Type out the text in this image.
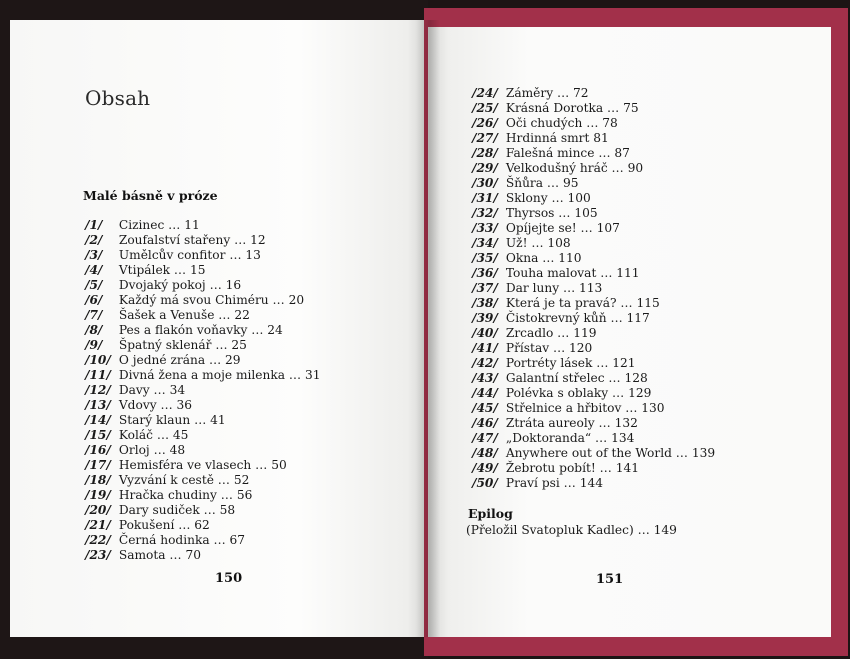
Obsah
Malé básně v próze
/1/ Cizinec … 11
/2/ Zoufalství stařeny … 12
/3/ Umělcův confitor … 13
/4/ Vtipálek … 15
/5/ Dvojaký pokoj … 16
/6/ Každý má svou Chiméru … 20
/7/ Šašek a Venuše … 22
/8/ Pes a flakón voňavky … 24
/9/ Špatný sklenář … 25
/10/ O jedné zrána … 29
/11/ Divná žena a moje milenka … 31
/12/ Davy … 34
/13/ Vdovy … 36
/14/ Starý klaun … 41
/15/ Koláč … 45
/16/ Orloj … 48
/17/ Hemisféra ve vlasech … 50
/18/ Vyzvání k cestě … 52
/19/ Hračka chudiny … 56
/20/ Dary sudiček … 58
/21/ Pokušení … 62
/22/ Černá hodinka … 67
/23/ Samota … 70
150
/24/ Záměry … 72
/25/ Krásná Dorotka … 75
/26/ Oči chudých … 78
/27/ Hrdinná smrt 81
/28/ Falešná mince … 87
/29/ Velkodušný hráč … 90
/30/ Šňůra … 95
/31/ Sklony … 100
/32/ Thyrsos … 105
/33/ Opíjejte se! … 107
/34/ Už! … 108
/35/ Okna … 110
/36/ Touha malovat … 111
/37/ Dar luny … 113
/38/ Která je ta pravá? … 115
/39/ Čistokrevný kůň … 117
/40/ Zrcadlo … 119
/41/ Přístav … 120
/42/ Portréty lásek … 121
/43/ Galantní střelec … 128
/44/ Polévka s oblaky … 129
/45/ Střelnice a hřbitov … 130
/46/ Ztráta aureoly … 132
/47/ „Doktoranda“ … 134
/48/ Anywhere out of the World … 139
/49/ Žebrotu pobít! … 141
/50/ Praví psi … 144
Epilog
(Přeložil Svatopluk Kadlec) … 149
151
